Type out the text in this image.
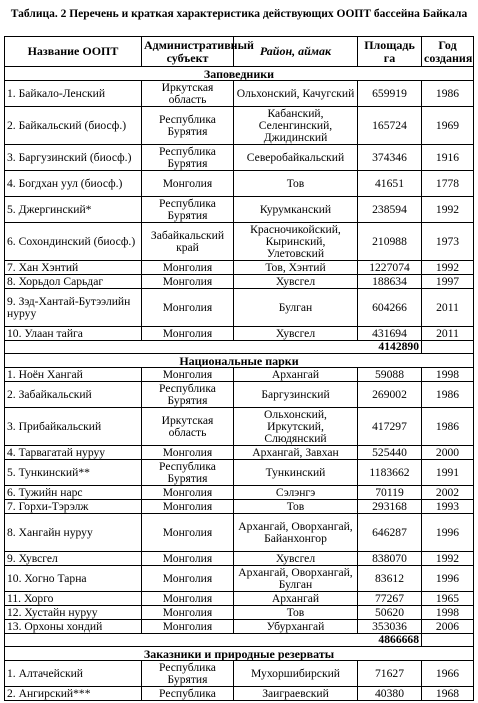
Таблица. 2 Перечень и краткая характеристика действующих ООПТ бассейна Байкала
Название ООПТ	Административный субъект	Район, аймак	Площадь га	Год создания
Заповедники				
1. Байкало-Ленский	Иркутская область	Ольхонский, Качугский	659919	1986
2. Байкальский (биосф.)	Республика Бурятия	Кабанский, Селенгинский, Джидинский	165724	1969
3. Баргузинский (биосф.)	Республика Бурятия	Северобайкальский	374346	1916
4. Богдхан уул (биосф.)	Монголия	Тов	41651	1778
5. Джергинский*	Республика Бурятия	Курумканский	238594	1992
6. Сохондинский (биосф.)	Забайкальский край	Красночикойский, Кыринский, Улетовский	210988	1973
7. Хан Хэнтий	Монголия	Тов, Хэнтий	1227074	1992
8. Хорьдол Сарьдаг	Монголия	Хувсгел	188634	1997
9. Зэд-Хантай-Бутээлийн нуруу	Монголия	Булган	604266	2011
10. Улаан тайга	Монголия	Хувсгел	431694	2011
4142890				
Национальные парки				
1. Ноён Хангай	Монголия	Архангай	59088	1998
2. Забайкальский	Республика Бурятия	Баргузинский	269002	1986
3. Прибайкальский	Иркутская область	Ольхонский, Иркутский, Слюдянский	417297	1986
4. Тарвагатай нуруу	Монголия	Архангай, Завхан	525440	2000
5. Тункинский**	Республика Бурятия	Тункинский	1183662	1991
6. Тужийн нарс	Монголия	Сэлэнгэ	70119	2002
7. Горхи-Тэрэлж	Монголия	Тов	293168	1993
8. Хангайн нуруу	Монголия	Архангай, Оворхангай, Байанхонгор	646287	1996
9. Хувсгел	Монголия	Хувсгел	838070	1992
10. Хогно Тарна	Монголия	Архангай, Оворхангай, Булган	83612	1996
11. Хорго	Монголия	Архангай	77267	1965
12. Хустайн нуруу	Монголия	Тов	50620	1998
13. Орхоны хондий	Монголия	Убурхангай	353036	2006
4866668				
Заказники и природные резерваты				
1. Алтачейский	Республика Бурятия	Мухоршибирский	71627	1966
2. Ангирский***	Республика	Заиграевский	40380	1968
